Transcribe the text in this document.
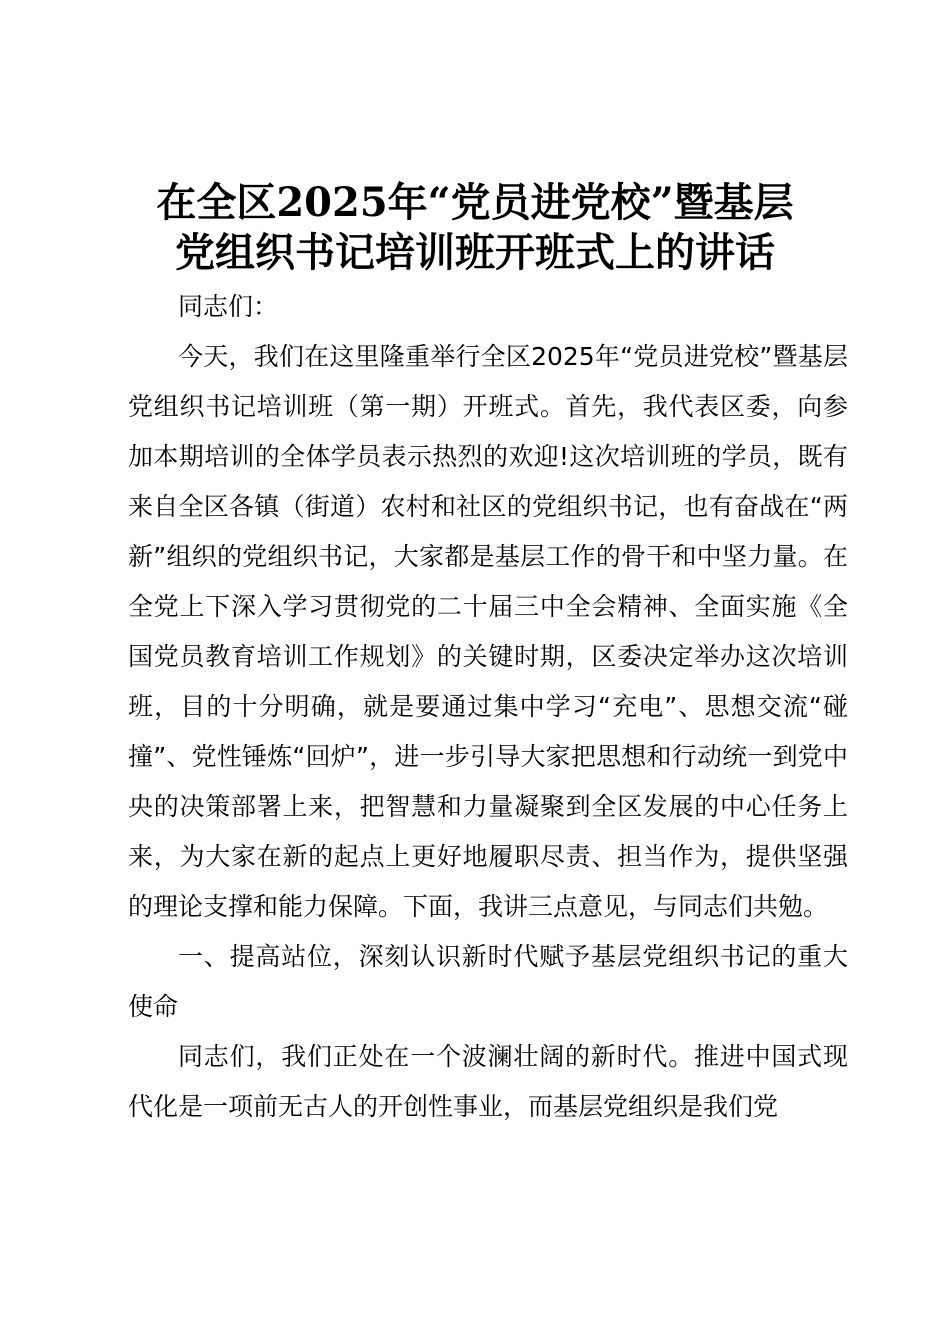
在全区2025年“党员进党校”暨基层
党组织书记培训班开班式上的讲话

同志们：

今天，我们在这里隆重举行全区2025年“党员进党校”暨基层党组织书记培训班（第一期）开班式。首先，我代表区委，向参加本期培训的全体学员表示热烈的欢迎!这次培训班的学员，既有来自全区各镇（街道）农村和社区的党组织书记，也有奋战在“两新”组织的党组织书记，大家都是基层工作的骨干和中坚力量。在全党上下深入学习贯彻党的二十届三中全会精神、全面实施《全国党员教育培训工作规划》的关键时期，区委决定举办这次培训班，目的十分明确，就是要通过集中学习“充电”、思想交流“碰撞”、党性锤炼“回炉”，进一步引导大家把思想和行动统一到党中央的决策部署上来，把智慧和力量凝聚到全区发展的中心任务上来，为大家在新的起点上更好地履职尽责、担当作为，提供坚强的理论支撑和能力保障。下面，我讲三点意见，与同志们共勉。

一、提高站位，深刻认识新时代赋予基层党组织书记的重大使命

同志们，我们正处在一个波澜壮阔的新时代。推进中国式现代化是一项前无古人的开创性事业，而基层党组织是我们党
